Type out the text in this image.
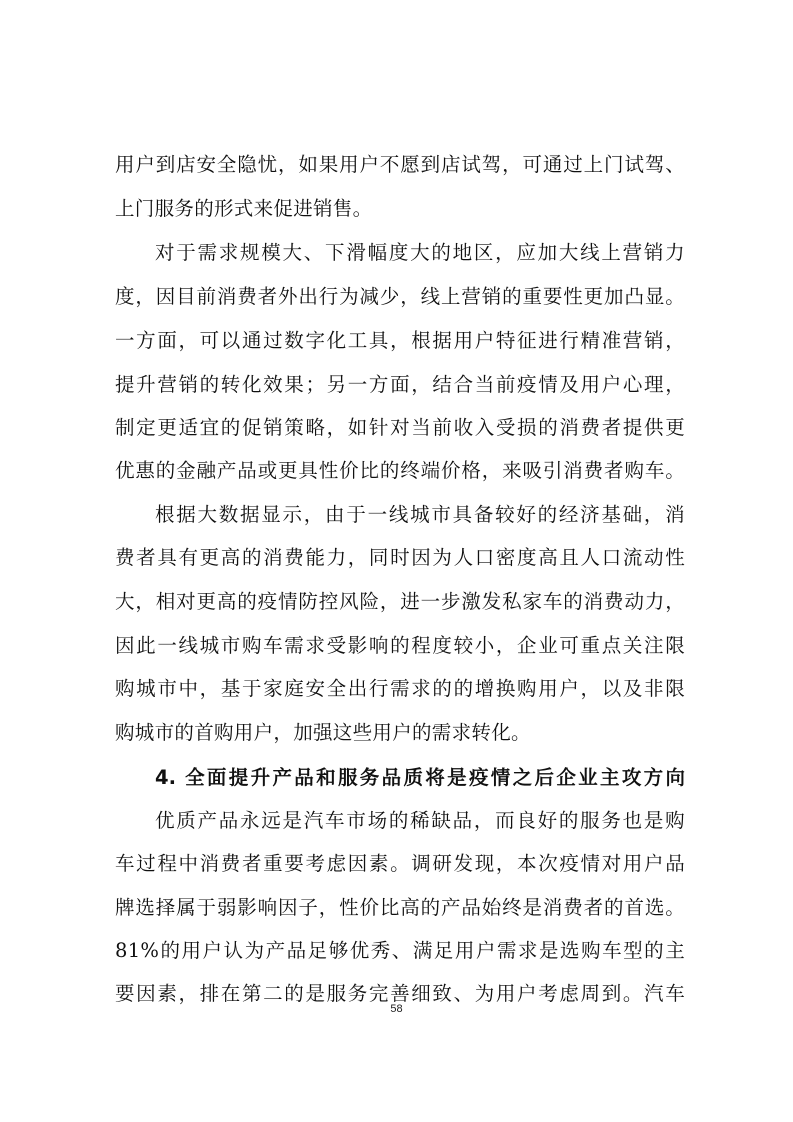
用户到店安全隐忧，如果用户不愿到店试驾，可通过上门试驾、
上门服务的形式来促进销售。
对于需求规模大、下滑幅度大的地区，应加大线上营销力
度，因目前消费者外出行为减少，线上营销的重要性更加凸显。
一方面，可以通过数字化工具，根据用户特征进行精准营销，
提升营销的转化效果；另一方面，结合当前疫情及用户心理，
制定更适宜的促销策略，如针对当前收入受损的消费者提供更
优惠的金融产品或更具性价比的终端价格，来吸引消费者购车。
根据大数据显示，由于一线城市具备较好的经济基础，消
费者具有更高的消费能力，同时因为人口密度高且人口流动性
大，相对更高的疫情防控风险，进一步激发私家车的消费动力，
因此一线城市购车需求受影响的程度较小，企业可重点关注限
购城市中，基于家庭安全出行需求的的增换购用户，以及非限
购城市的首购用户，加强这些用户的需求转化。
4. 全面提升产品和服务品质将是疫情之后企业主攻方向
优质产品永远是汽车市场的稀缺品，而良好的服务也是购
车过程中消费者重要考虑因素。调研发现，本次疫情对用户品
牌选择属于弱影响因子，性价比高的产品始终是消费者的首选。
81%的用户认为产品足够优秀、满足用户需求是选购车型的主
要因素，排在第二的是服务完善细致、为用户考虑周到。汽车
58
